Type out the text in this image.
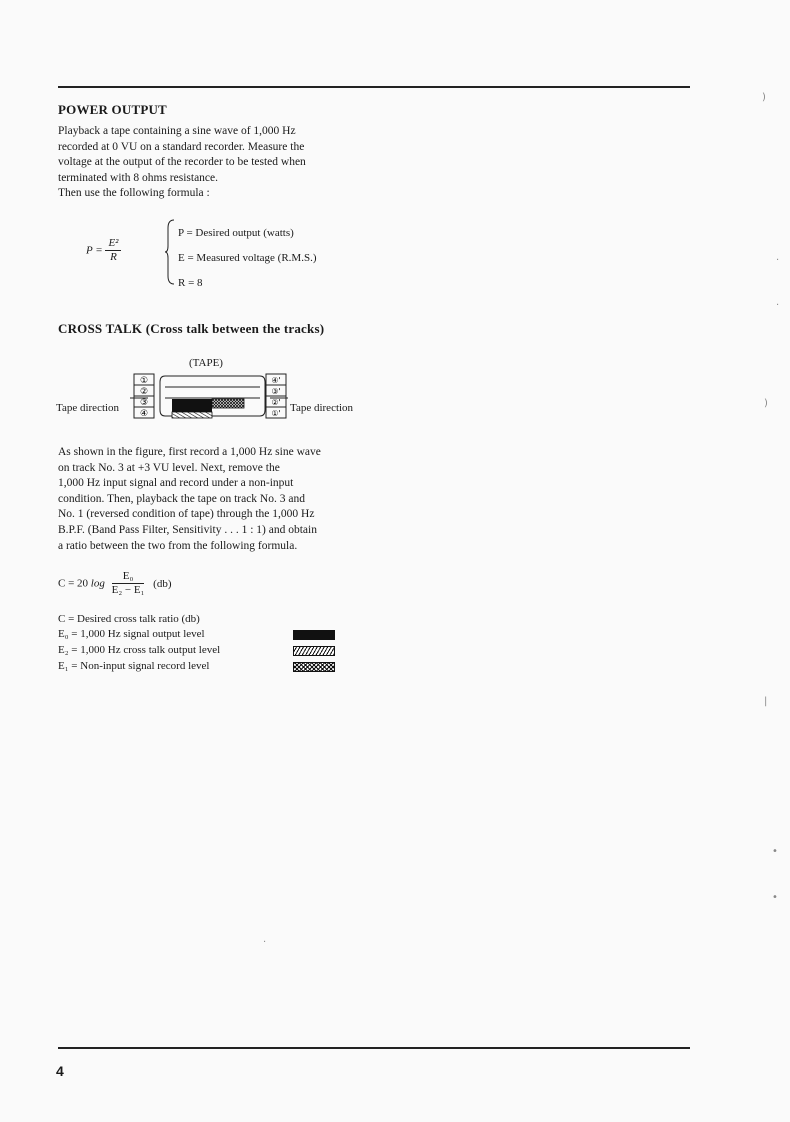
POWER OUTPUT
Playback a tape containing a sine wave of 1,000 Hz
recorded at 0 VU on a standard recorder. Measure the
voltage at the output of the recorder to be tested when
terminated with 8 ohms resistance.
Then use the following formula :
$P = \frac{\text{E²}}{R}$
P = Desired output (watts)
E = Measured voltage (R.M.S.)
R = 8
CROSS TALK (Cross talk between the tracks)
(TAPE)
Tape direction	Tape direction
①
②
③
④
④'
③'
②'
①'
As shown in the figure, first record a 1,000 Hz sine wave
on track No. 3 at +3 VU level. Next, remove the
1,000 Hz input signal and record under a non-input
condition. Then, playback the tape on track No. 3 and
No. 1 (reversed condition of tape) through the 1,000 Hz
B.P.F. (Band Pass Filter, Sensitivity . . . 1 : 1) and obtain
a ratio between the two from the following formula.
C = 20 $\log \frac{\text{E₀}}{\text{E₂ − E₁}} (db)$
C = Desired cross talk ratio (db)
E₀ = 1,000 Hz signal output level
E₂ = 1,000 Hz cross talk output level
E₁ = Non-input signal record level
)
·
·
)
|
•
•
·
4
